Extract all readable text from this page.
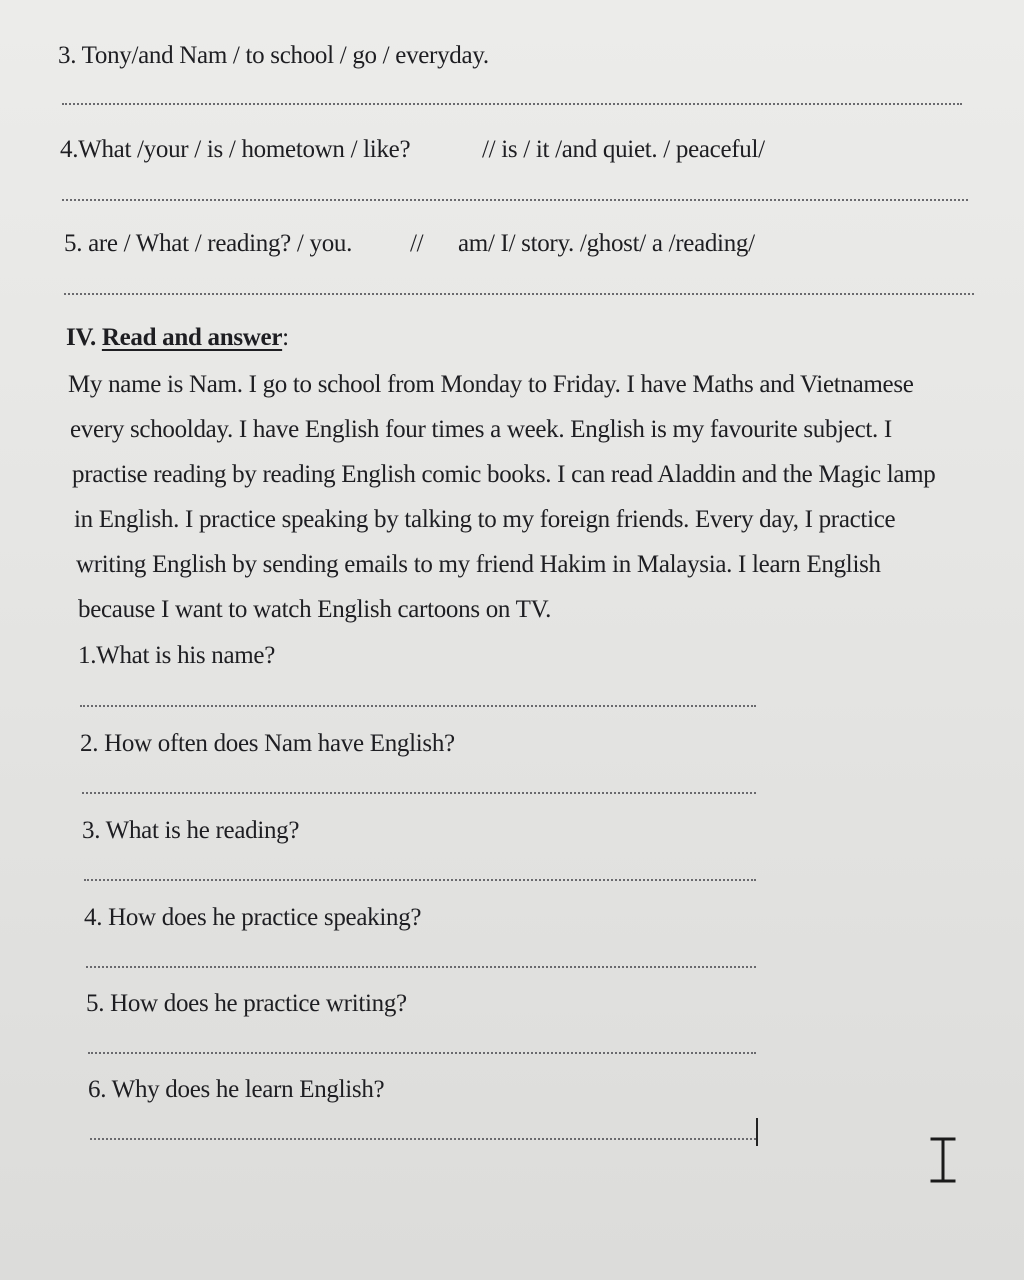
3. Tony/and Nam / to school / go / everyday.
4.What /your / is / hometown / like?	// is / it /and quiet. / peaceful/
5. are / What / reading? / you. // am/ I/ story. /ghost/ a /reading/
IV. Read and answer:
My name is Nam. I go to school from Monday to Friday. I have Maths and Vietnamese
every schoolday. I have English four times a week. English is my favourite subject. I
practise reading by reading English comic books. I can read Aladdin and the Magic lamp
in English. I practice speaking by talking to my foreign friends. Every day, I practice
writing English by sending emails to my friend Hakim in Malaysia. I learn English
because I want to watch English cartoons on TV.
1.What is his name?
2. How often does Nam have English?
3. What is he reading?
4. How does he practice speaking?
5. How does he practice writing?
6. Why does he learn English?
